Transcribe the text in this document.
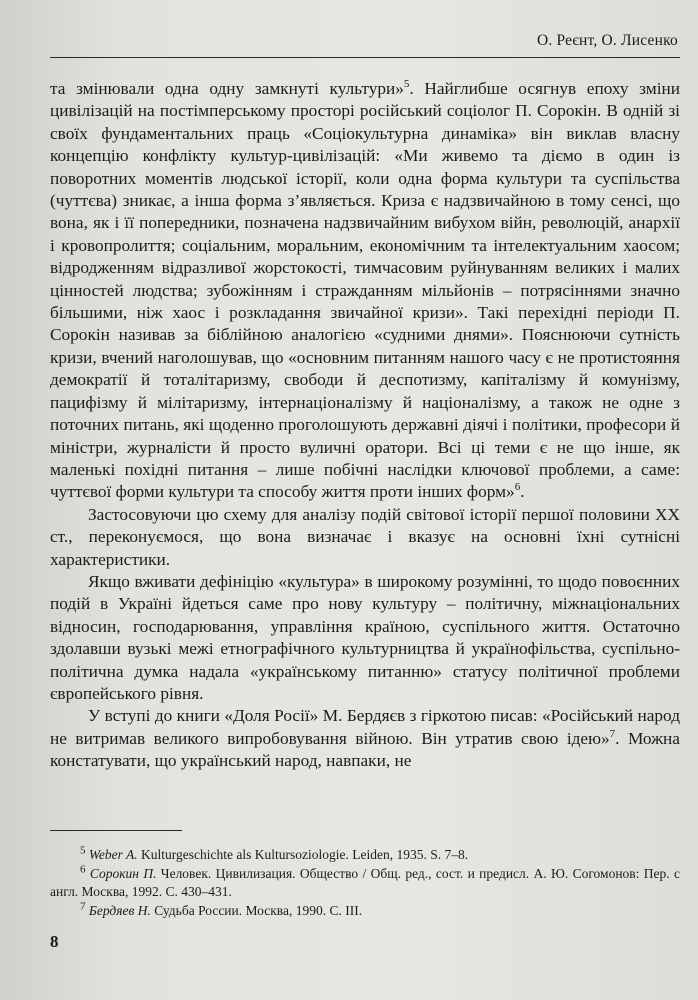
О. Реєнт, О. Лисенко

та змінювали одна одну замкнуті культури»$^5$. Найглибше осягнув епоху зміни цивілізацій на постімперському просторі російський соціолог П. Сорокін. В одній зі своїх фундаментальних праць «Соціокультурна динаміка» він виклав власну концепцію конфлікту культур-цивілізацій: «Ми живемо та діємо в один із поворотних моментів людської історії, коли одна форма культури та суспільства (чуттєва) зникає, а інша форма з’являється. Криза є надзвичайною в тому сенсі, що вона, як і її попередники, позначена надзвичайним вибухом війн, революцій, анархії і кровопролиття; соціальним, моральним, економічним та інтелектуальним хаосом; відродженням відразливої жорстокості, тимчасовим руйнуванням великих і малих цінностей людства; зубожінням і стражданням мільйонів – потрясіннями значно більшими, ніж хаос і розкладання звичайної кризи». Такі перехідні періоди П. Сорокін називав за біблійною аналогією «судними днями». Пояснюючи сутність кризи, вчений наголошував, що «основним питанням нашого часу є не протистояння демократії й тоталітаризму, свободи й деспотизму, капіталізму й комунізму, пацифізму й мілітаризму, інтернаціоналізму й націоналізму, а також не одне з поточних питань, які щоденно проголошують державні діячі і політики, професори й міністри, журналісти й просто вуличні оратори. Всі ці теми є не що інше, як маленькі похідні питання – лише побічні наслідки ключової проблеми, а саме: чуттєвої форми культури та способу життя проти інших форм»$^6$.

Застосовуючи цю схему для аналізу подій світової історії першої половини XX ст., переконуємося, що вона визначає і вказує на основні їхні сутнісні характеристики.

Якщо вживати дефініцію «культура» в широкому розумінні, то щодо повоєнних подій в Україні йдеться саме про нову культуру – політичну, міжнаціональних відносин, господарювання, управління країною, суспільного життя. Остаточно здолавши вузькі межі етнографічного культурництва й українофільства, суспільно-політична думка надала «українському питанню» статусу політичної проблеми європейського рівня.

У вступі до книги «Доля Росії» М. Бердяєв з гіркотою писав: «Російський народ не витримав великого випробовування війною. Він утратив свою ідею»$^7$. Можна констатувати, що український народ, навпаки, не

$^5$ Weber A. Kulturgeschichte als Kultursoziologie. Leiden, 1935. S. 7–8.

$^6$ Сорокин П. Человек. Цивилизация. Общество / Общ. ред., сост. и предисл. А. Ю. Согомонов: Пер. с англ. Москва, 1992. С. 430–431.

$^7$ Бердяев Н. Судьба России. Москва, 1990. С. III.

8
